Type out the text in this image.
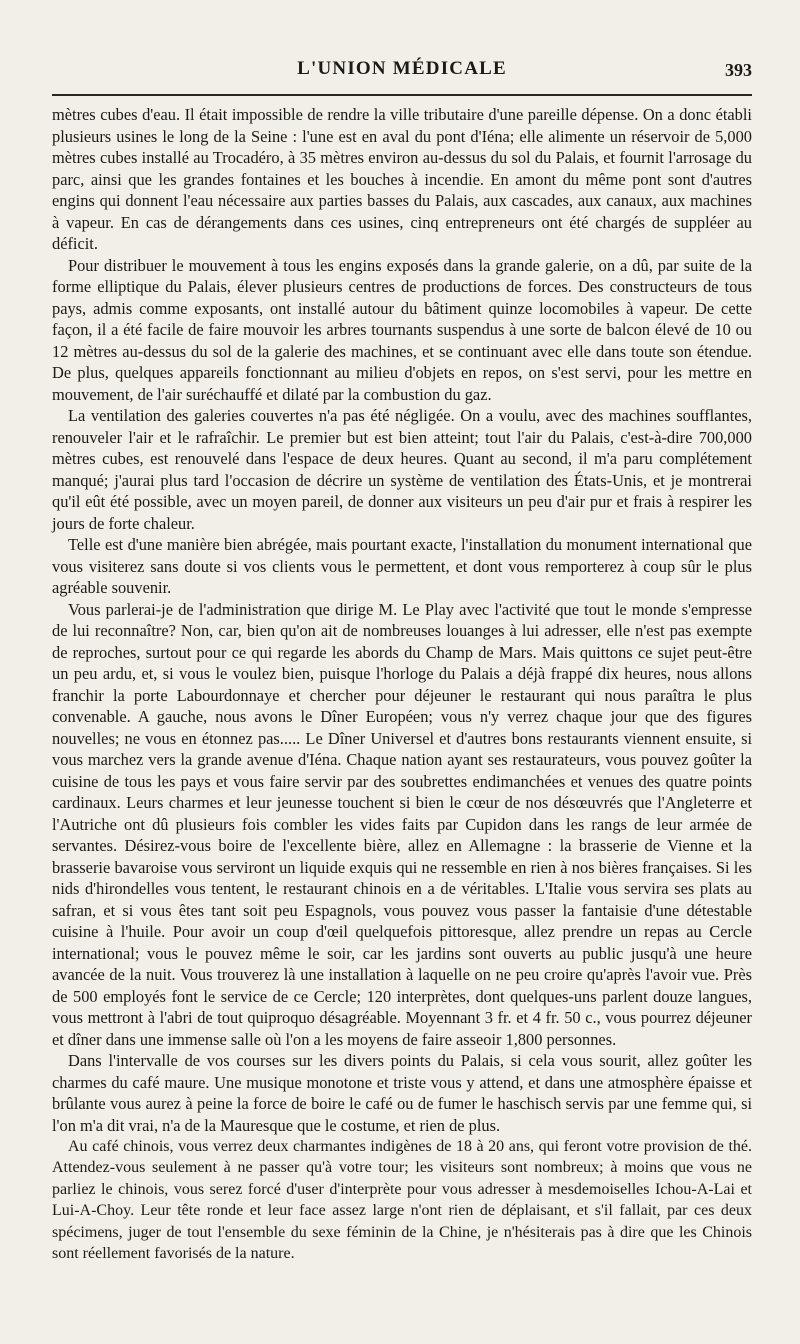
L'UNION MÉDICALE	393

mètres cubes d'eau. Il était impossible de rendre la ville tributaire d'une pareille dépense. On a donc établi plusieurs usines le long de la Seine : l'une est en aval du pont d'Iéna; elle alimente un réservoir de 5,000 mètres cubes installé au Trocadéro, à 35 mètres environ au-dessus du sol du Palais, et fournit l'arrosage du parc, ainsi que les grandes fontaines et les bouches à incendie. En amont du même pont sont d'autres engins qui donnent l'eau nécessaire aux parties basses du Palais, aux cascades, aux canaux, aux machines à vapeur. En cas de dérangements dans ces usines, cinq entrepreneurs ont été chargés de suppléer au déficit.

Pour distribuer le mouvement à tous les engins exposés dans la grande galerie, on a dû, par suite de la forme elliptique du Palais, élever plusieurs centres de productions de forces. Des constructeurs de tous pays, admis comme exposants, ont installé autour du bâtiment quinze locomobiles à vapeur. De cette façon, il a été facile de faire mouvoir les arbres tournants suspendus à une sorte de balcon élevé de 10 ou 12 mètres au-dessus du sol de la galerie des machines, et se continuant avec elle dans toute son étendue. De plus, quelques appareils fonctionnant au milieu d'objets en repos, on s'est servi, pour les mettre en mouvement, de l'air suréchauffé et dilaté par la combustion du gaz.

La ventilation des galeries couvertes n'a pas été négligée. On a voulu, avec des machines soufflantes, renouveler l'air et le rafraîchir. Le premier but est bien atteint; tout l'air du Palais, c'est-à-dire 700,000 mètres cubes, est renouvelé dans l'espace de deux heures. Quant au second, il m'a paru complétement manqué; j'aurai plus tard l'occasion de décrire un système de ventilation des États-Unis, et je montrerai qu'il eût été possible, avec un moyen pareil, de donner aux visiteurs un peu d'air pur et frais à respirer les jours de forte chaleur.

Telle est d'une manière bien abrégée, mais pourtant exacte, l'installation du monument international que vous visiterez sans doute si vos clients vous le permettent, et dont vous remporterez à coup sûr le plus agréable souvenir.

Vous parlerai-je de l'administration que dirige M. Le Play avec l'activité que tout le monde s'empresse de lui reconnaître? Non, car, bien qu'on ait de nombreuses louanges à lui adresser, elle n'est pas exempte de reproches, surtout pour ce qui regarde les abords du Champ de Mars. Mais quittons ce sujet peut-être un peu ardu, et, si vous le voulez bien, puisque l'horloge du Palais a déjà frappé dix heures, nous allons franchir la porte Labourdonnaye et chercher pour déjeuner le restaurant qui nous paraîtra le plus convenable. A gauche, nous avons le Dîner Européen; vous n'y verrez chaque jour que des figures nouvelles; ne vous en étonnez pas..... Le Dîner Universel et d'autres bons restaurants viennent ensuite, si vous marchez vers la grande avenue d'Iéna. Chaque nation ayant ses restaurateurs, vous pouvez goûter la cuisine de tous les pays et vous faire servir par des soubrettes endimanchées et venues des quatre points cardinaux. Leurs charmes et leur jeunesse touchent si bien le cœur de nos désœuvrés que l'Angleterre et l'Autriche ont dû plusieurs fois combler les vides faits par Cupidon dans les rangs de leur armée de servantes. Désirez-vous boire de l'excellente bière, allez en Allemagne : la brasserie de Vienne et la brasserie bavaroise vous serviront un liquide exquis qui ne ressemble en rien à nos bières françaises. Si les nids d'hirondelles vous tentent, le restaurant chinois en a de véritables. L'Italie vous servira ses plats au safran, et si vous êtes tant soit peu Espagnols, vous pouvez vous passer la fantaisie d'une détestable cuisine à l'huile. Pour avoir un coup d'œil quelquefois pittoresque, allez prendre un repas au Cercle international; vous le pouvez même le soir, car les jardins sont ouverts au public jusqu'à une heure avancée de la nuit. Vous trouverez là une installation à laquelle on ne peu croire qu'après l'avoir vue. Près de 500 employés font le service de ce Cercle; 120 interprètes, dont quelques-uns parlent douze langues, vous mettront à l'abri de tout quiproquo désagréable. Moyennant 3 fr. et 4 fr. 50 c., vous pourrez déjeuner et dîner dans une immense salle où l'on a les moyens de faire asseoir 1,800 personnes.

Dans l'intervalle de vos courses sur les divers points du Palais, si cela vous sourit, allez goûter les charmes du café maure. Une musique monotone et triste vous y attend, et dans une atmosphère épaisse et brûlante vous aurez à peine la force de boire le café ou de fumer le haschisch servis par une femme qui, si l'on m'a dit vrai, n'a de la Mauresque que le costume, et rien de plus.

Au café chinois, vous verrez deux charmantes indigènes de 18 à 20 ans, qui feront votre provision de thé. Attendez-vous seulement à ne passer qu'à votre tour; les visiteurs sont nombreux; à moins que vous ne parliez le chinois, vous serez forcé d'user d'interprète pour vous adresser à mesdemoiselles Ichou-A-Lai et Lui-A-Choy. Leur tête ronde et leur face assez large n'ont rien de déplaisant, et s'il fallait, par ces deux spécimens, juger de tout l'ensemble du sexe féminin de la Chine, je n'hésiterais pas à dire que les Chinois sont réellement favorisés de la nature.
